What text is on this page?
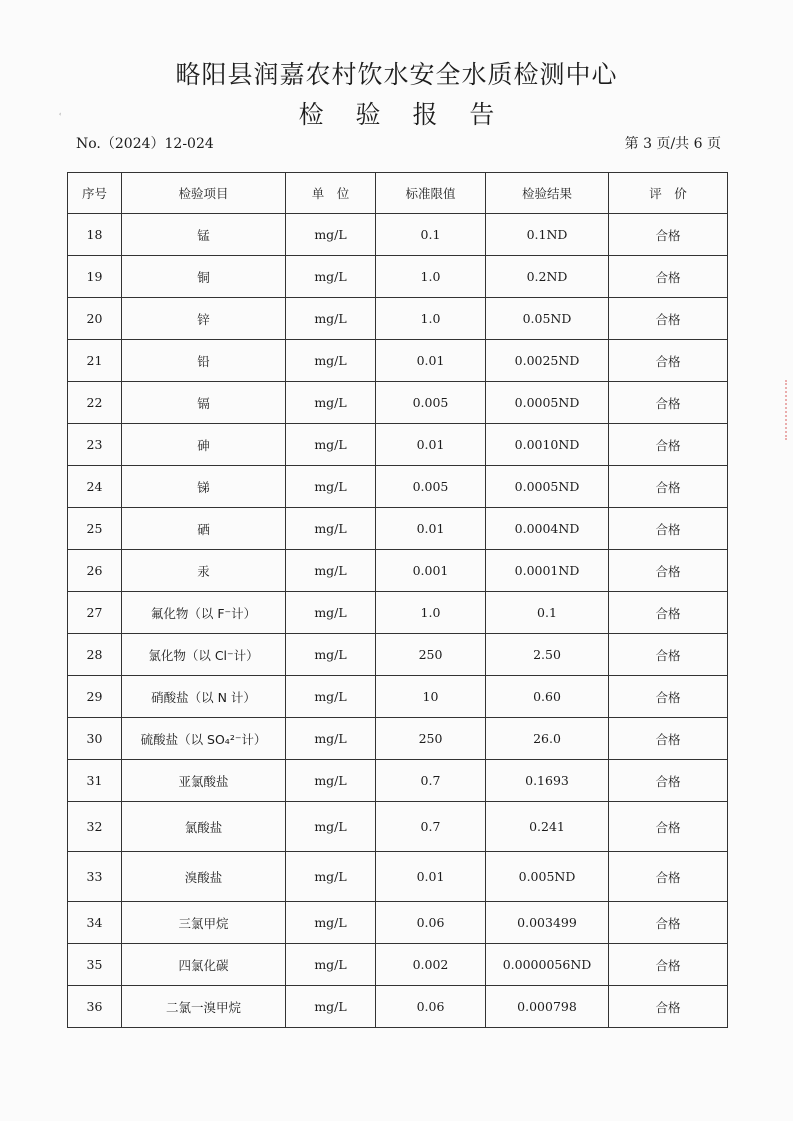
‹
略阳县润嘉农村饮水安全水质检测中心
检 验 报 告
No.（2024）12-024	第 3 页/共 6 页
序号	检验项目	单　位	标准限值	检验结果	评　价
18	锰	mg/L	0.1	0.1ND	合格
19	铜	mg/L	1.0	0.2ND	合格
20	锌	mg/L	1.0	0.05ND	合格
21	铅	mg/L	0.01	0.0025ND	合格
22	镉	mg/L	0.005	0.0005ND	合格
23	砷	mg/L	0.01	0.0010ND	合格
24	锑	mg/L	0.005	0.0005ND	合格
25	硒	mg/L	0.01	0.0004ND	合格
26	汞	mg/L	0.001	0.0001ND	合格
27	氟化物（以 F⁻计）	mg/L	1.0	0.1	合格
28	氯化物（以 Cl⁻计）	mg/L	250	2.50	合格
29	硝酸盐（以 N 计）	mg/L	10	0.60	合格
30	硫酸盐（以 SO₄²⁻计）	mg/L	250	26.0	合格
31	亚氯酸盐	mg/L	0.7	0.1693	合格
32	氯酸盐	mg/L	0.7	0.241	合格
33	溴酸盐	mg/L	0.01	0.005ND	合格
34	三氯甲烷	mg/L	0.06	0.003499	合格
35	四氯化碳	mg/L	0.002	0.0000056ND	合格
36	二氯一溴甲烷	mg/L	0.06	0.000798	合格
